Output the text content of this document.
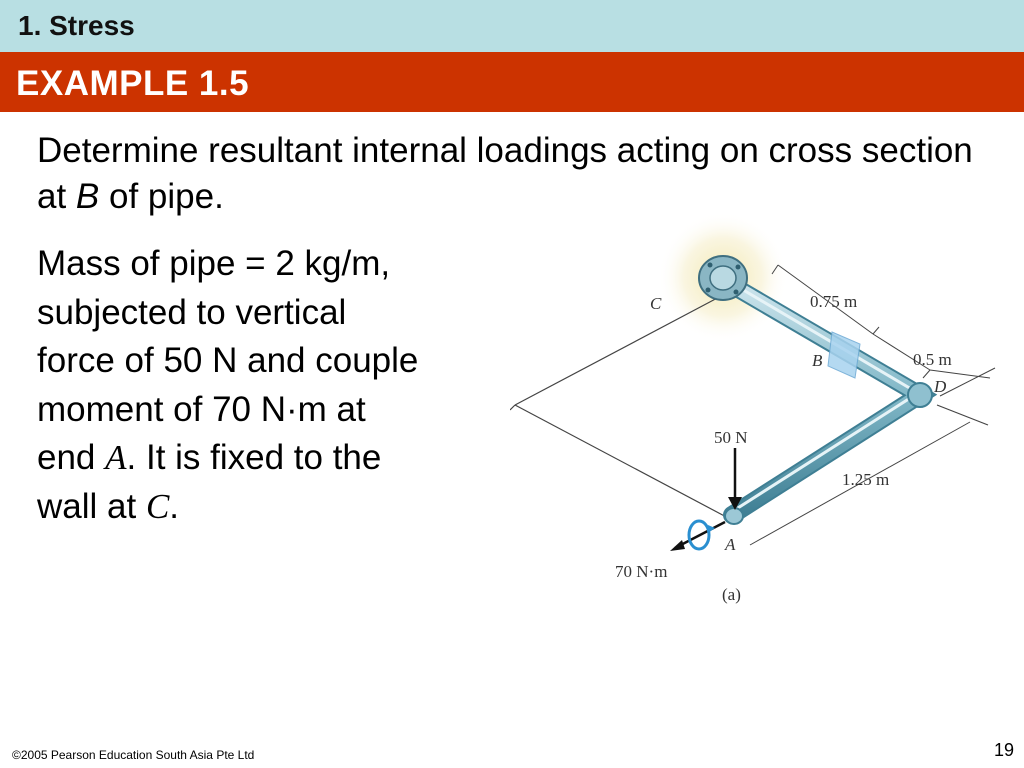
1. Stress
EXAMPLE 1.5
Determine resultant internal loadings acting on cross section at B of pipe.
Mass of pipe = 2 kg/m,
subjected to vertical
force of 50 N and couple
moment of 70 N·m at
end A. It is fixed to the
wall at C.
C
B
D
A
0.75 m
0.5 m
1.25 m
50 N
70 N·m
(a)
©2005 Pearson Education South Asia Pte Ltd	19
